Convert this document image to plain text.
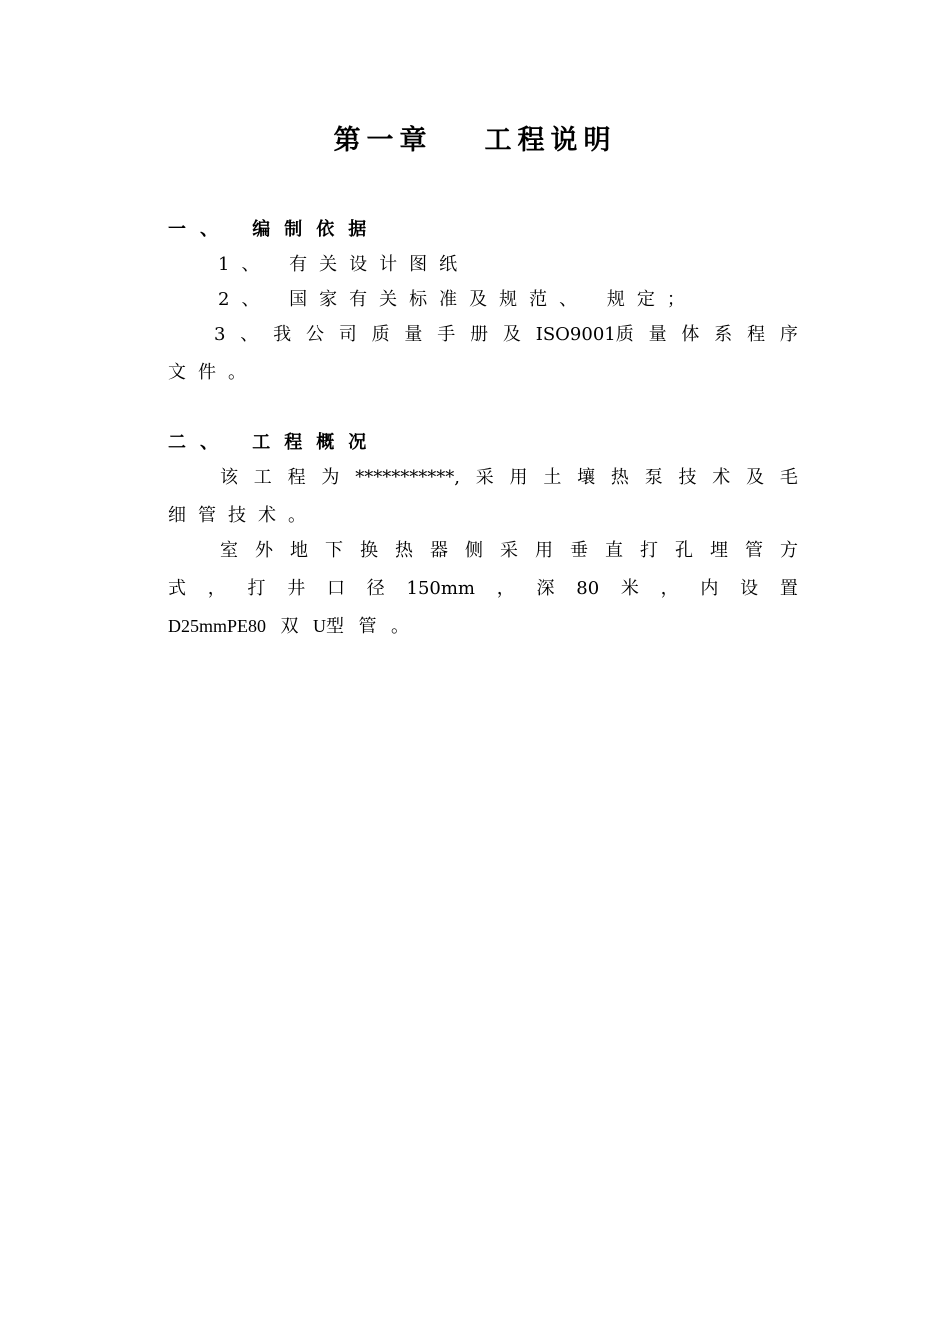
第一章 工程说明
一、 编制依据
1、 有关设计图纸
2、 国家有关标准及规范、 规定；
3 、 我 公 司 质 量 手 册 及 ISO9001质 量 体 系 程 序
文件。
二、 工程概况
该 工 程 为 ***********, 采 用 土 壤 热 泵 技 术 及 毛
细管技术。
室 外 地 下 换 热 器 侧 采 用 垂 直 打 孔 埋 管 方
式 ， 打 井 口 径 150mm ， 深 80 米 ， 内 设 置
D25mmPE80 双 U型 管 。
